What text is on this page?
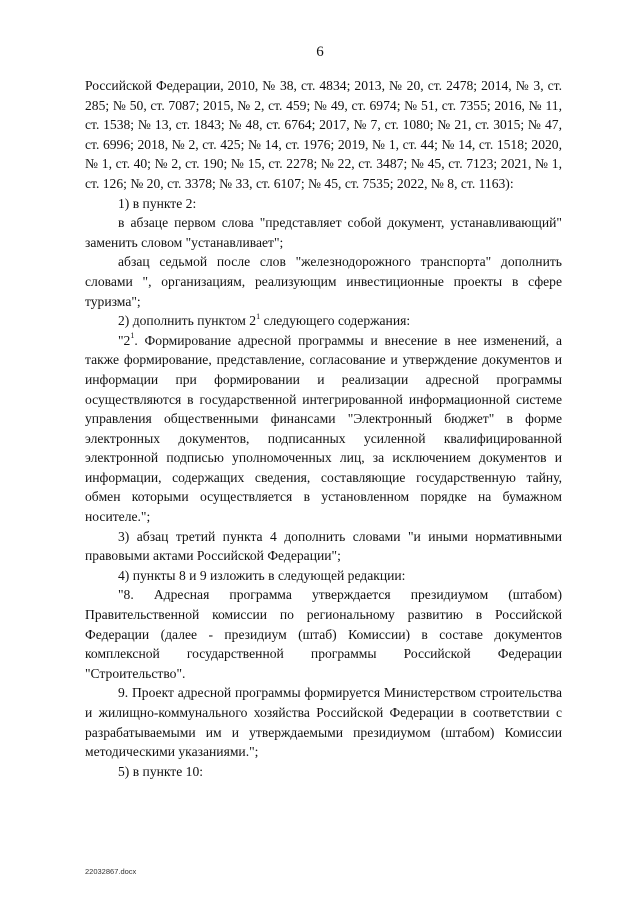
6

Российской Федерации, 2010, № 38, ст. 4834; 2013, № 20, ст. 2478; 2014, № 3, ст. 285; № 50, ст. 7087; 2015, № 2, ст. 459; № 49, ст. 6974; № 51, ст. 7355; 2016, № 11, ст. 1538; № 13, ст. 1843; № 48, ст. 6764; 2017, № 7, ст. 1080; № 21, ст. 3015; № 47, ст. 6996; 2018, № 2, ст. 425; № 14, ст. 1976; 2019, № 1, ст. 44; № 14, ст. 1518; 2020, № 1, ст. 40; № 2, ст. 190; № 15, ст. 2278; № 22, ст. 3487; № 45, ст. 7123; 2021, № 1, ст. 126; № 20, ст. 3378; № 33, ст. 6107; № 45, ст. 7535; 2022, № 8, ст. 1163):

1) в пункте 2:

в абзаце первом слова "представляет собой документ, устанавливающий" заменить словом "устанавливает";

абзац седьмой после слов "железнодорожного транспорта" дополнить словами ", организациям, реализующим инвестиционные проекты в сфере туризма";

2) дополнить пунктом $2^1$ следующего содержания:

"$2^1$. Формирование адресной программы и внесение в нее изменений, а также формирование, представление, согласование и утверждение документов и информации при формировании и реализации адресной программы осуществляются в государственной интегрированной информационной системе управления общественными финансами "Электронный бюджет" в форме электронных документов, подписанных усиленной квалифицированной электронной подписью уполномоченных лиц, за исключением документов и информации, содержащих сведения, составляющие государственную тайну, обмен которыми осуществляется в установленном порядке на бумажном носителе.";

3) абзац третий пункта 4 дополнить словами "и иными нормативными правовыми актами Российской Федерации";

4) пункты 8 и 9 изложить в следующей редакции:

"8. Адресная программа утверждается президиумом (штабом) Правительственной комиссии по региональному развитию в Российской Федерации (далее - президиум (штаб) Комиссии) в составе документов комплексной государственной программы Российской Федерации "Строительство".

9. Проект адресной программы формируется Министерством строительства и жилищно-коммунального хозяйства Российской Федерации в соответствии с разрабатываемыми им и утверждаемыми президиумом (штабом) Комиссии методическими указаниями.";

5) в пункте 10:

22032867.docx
